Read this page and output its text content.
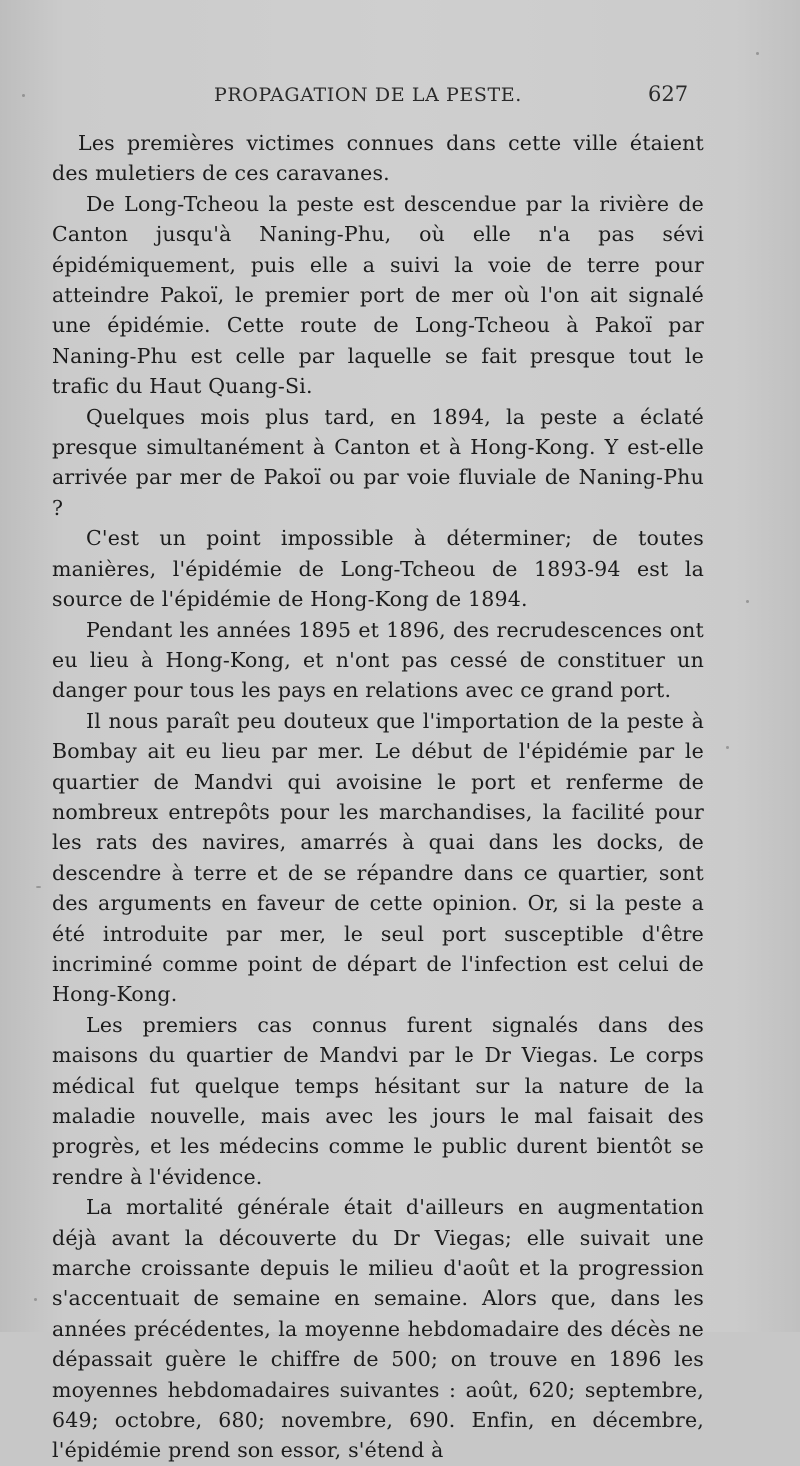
PROPAGATION DE LA PESTE.	627

Les premières victimes connues dans cette ville étaient des muletiers de ces caravanes.

De Long-Tcheou la peste est descendue par la rivière de Canton jusqu'à Naning-Phu, où elle n'a pas sévi épidémiquement, puis elle a suivi la voie de terre pour atteindre Pakoï, le premier port de mer où l'on ait signalé une épidémie. Cette route de Long-Tcheou à Pakoï par Naning-Phu est celle par laquelle se fait presque tout le trafic du Haut Quang-Si.

Quelques mois plus tard, en 1894, la peste a éclaté presque simultanément à Canton et à Hong-Kong. Y est-elle arrivée par mer de Pakoï ou par voie fluviale de Naning-Phu ?

C'est un point impossible à déterminer; de toutes manières, l'épidémie de Long-Tcheou de 1893-94 est la source de l'épidémie de Hong-Kong de 1894.

Pendant les années 1895 et 1896, des recrudescences ont eu lieu à Hong-Kong, et n'ont pas cessé de constituer un danger pour tous les pays en relations avec ce grand port.

Il nous paraît peu douteux que l'importation de la peste à Bombay ait eu lieu par mer. Le début de l'épidémie par le quartier de Mandvi qui avoisine le port et renferme de nombreux entrepôts pour les marchandises, la facilité pour les rats des navires, amarrés à quai dans les docks, de descendre à terre et de se répandre dans ce quartier, sont des arguments en faveur de cette opinion. Or, si la peste a été introduite par mer, le seul port susceptible d'être incriminé comme point de départ de l'infection est celui de Hong-Kong.

Les premiers cas connus furent signalés dans des maisons du quartier de Mandvi par le Dr Viegas. Le corps médical fut quelque temps hésitant sur la nature de la maladie nouvelle, mais avec les jours le mal faisait des progrès, et les médecins comme le public durent bientôt se rendre à l'évidence.

La mortalité générale était d'ailleurs en augmentation déjà avant la découverte du Dr Viegas; elle suivait une marche croissante depuis le milieu d'août et la progression s'accentuait de semaine en semaine. Alors que, dans les années précédentes, la moyenne hebdomadaire des décès ne dépassait guère le chiffre de 500; on trouve en 1896 les moyennes hebdomadaires suivantes : août, 620; septembre, 649; octobre, 680; novembre, 690. Enfin, en décembre, l'épidémie prend son essor, s'étend à
